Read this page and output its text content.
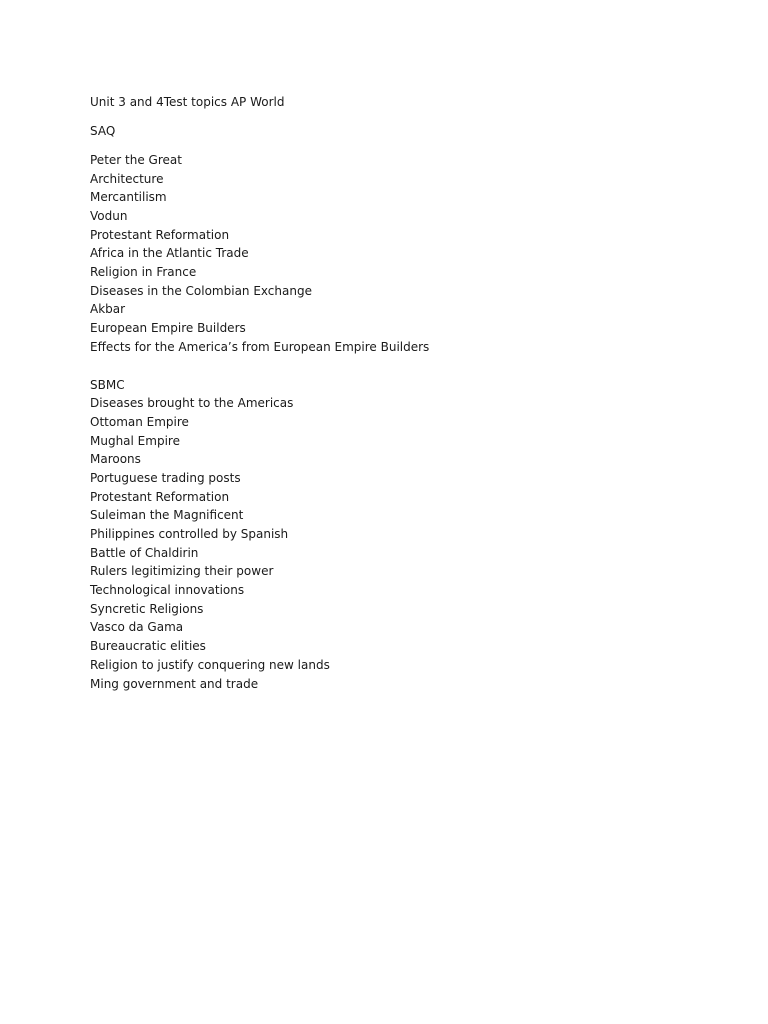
Unit 3 and 4Test topics AP World
SAQ
Peter the Great
Architecture
Mercantilism
Vodun
Protestant Reformation
Africa in the Atlantic Trade
Religion in France
Diseases in the Colombian Exchange
Akbar
European Empire Builders
Effects for the America’s from European Empire Builders
SBMC
Diseases brought to the Americas
Ottoman Empire
Mughal Empire
Maroons
Portuguese trading posts
Protestant Reformation
Suleiman the Magnificent
Philippines controlled by Spanish
Battle of Chaldirin
Rulers legitimizing their power
Technological innovations
Syncretic Religions
Vasco da Gama
Bureaucratic elities
Religion to justify conquering new lands
Ming government and trade
